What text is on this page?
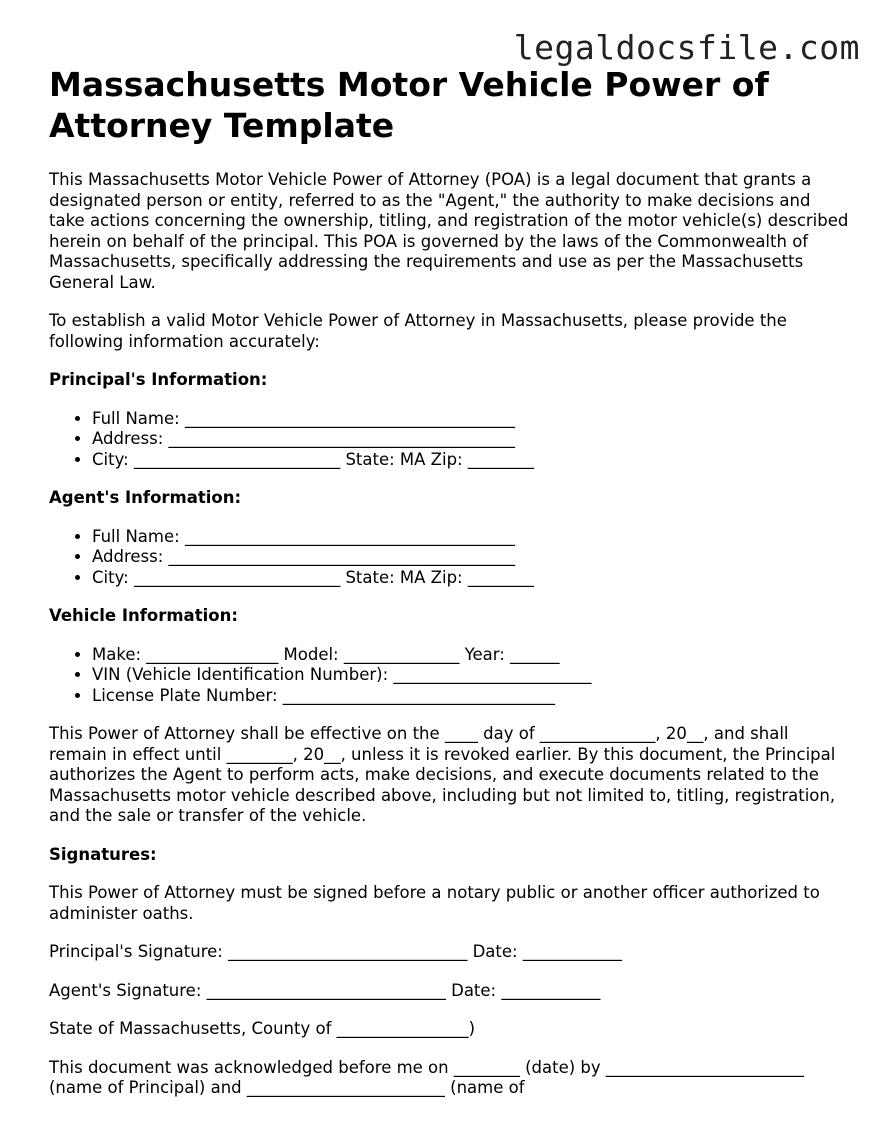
legaldocsfile.com
Massachusetts Motor Vehicle Power of Attorney Template

This Massachusetts Motor Vehicle Power of Attorney (POA) is a legal document that grants a designated person or entity, referred to as the "Agent," the authority to make decisions and take actions concerning the ownership, titling, and registration of the motor vehicle(s) described herein on behalf of the principal. This POA is governed by the laws of the Commonwealth of Massachusetts, specifically addressing the requirements and use as per the Massachusetts General Law.

To establish a valid Motor Vehicle Power of Attorney in Massachusetts, please provide the following information accurately:

Principal's Information:
• Full Name: ________________________________________
• Address: __________________________________________
• City: _________________________ State: MA Zip: ________
Agent's Information:
• Full Name: ________________________________________
• Address: __________________________________________
• City: _________________________ State: MA Zip: ________
Vehicle Information:
• Make: ________________ Model: ______________ Year: ______
• VIN (Vehicle Identification Number): ________________________
• License Plate Number: _________________________________

This Power of Attorney shall be effective on the ____ day of ______________, 20__, and shall remain in effect until ________, 20__, unless it is revoked earlier. By this document, the Principal authorizes the Agent to perform acts, make decisions, and execute documents related to the Massachusetts motor vehicle described above, including but not limited to, titling, registration, and the sale or transfer of the vehicle.

Signatures:

This Power of Attorney must be signed before a notary public or another officer authorized to administer oaths.

Principal's Signature: _____________________________ Date: ____________

Agent's Signature: _____________________________ Date: ____________

State of Massachusetts, County of ________________)

This document was acknowledged before me on ________ (date) by ________________________ (name of Principal) and ________________________ (name of
